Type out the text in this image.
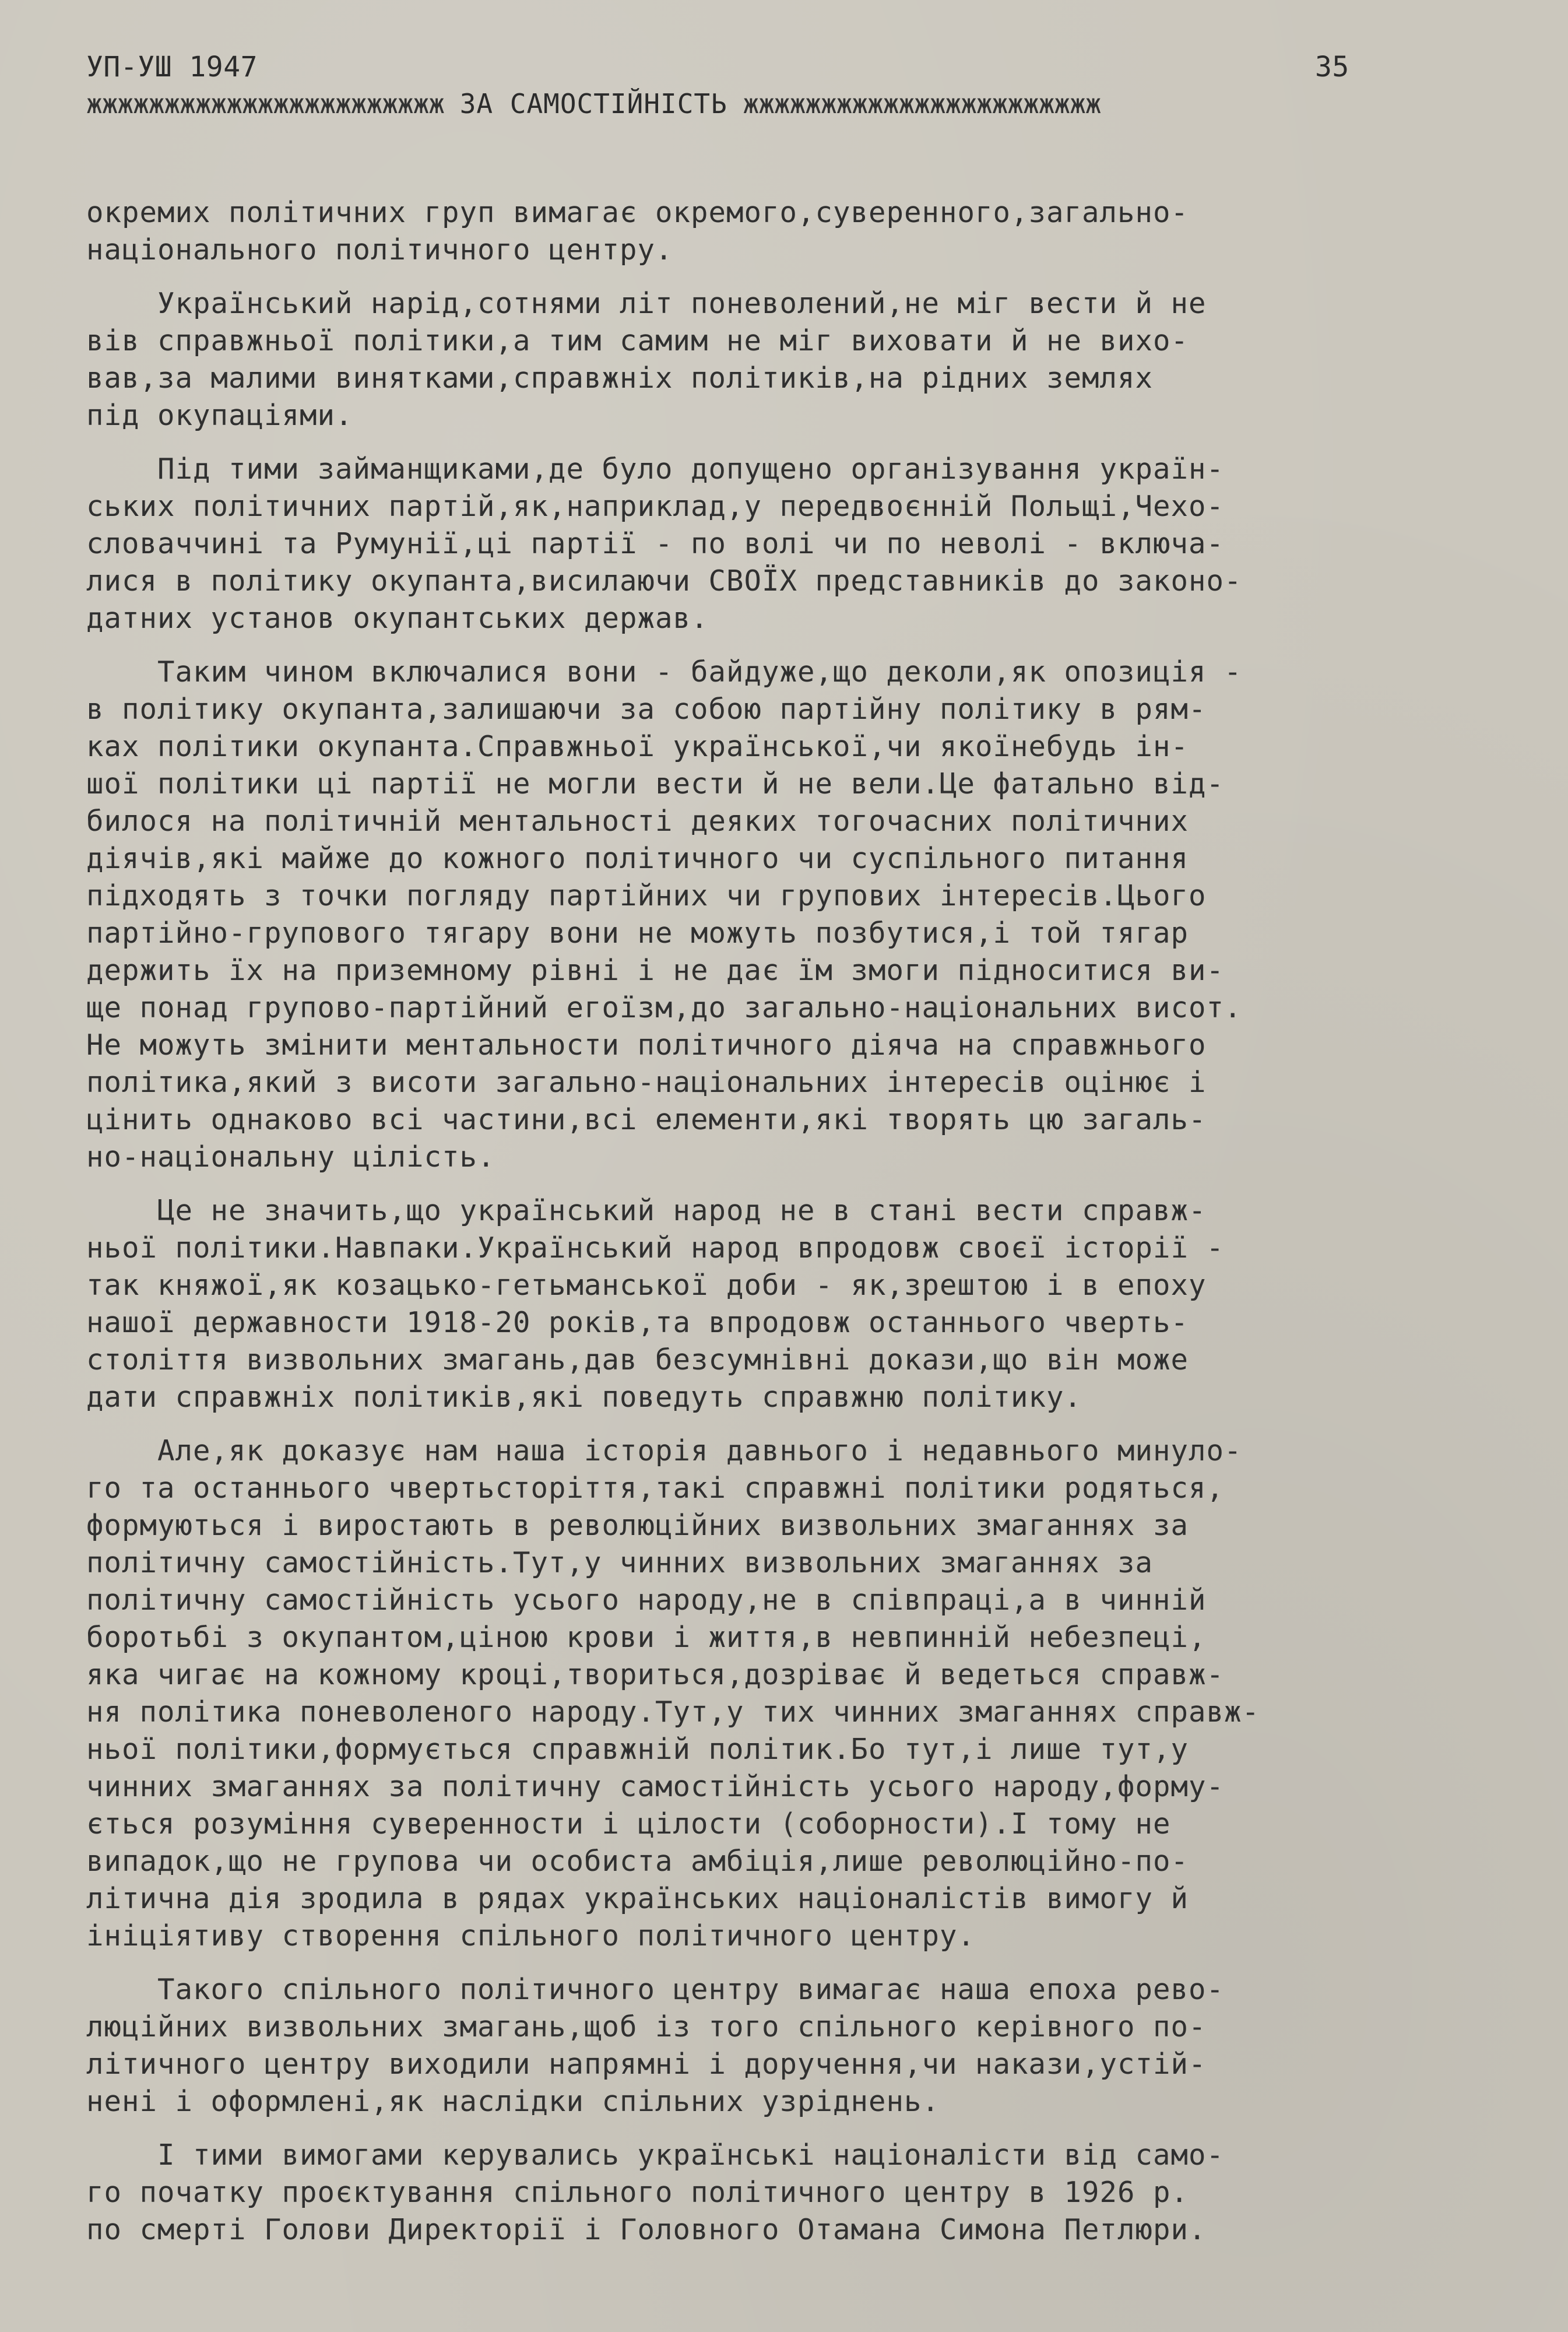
УП-УШ 1947	35
жжжжжжжжжжжжжжжжжжжжжжж ЗА САМОСТІЙНІСТЬ жжжжжжжжжжжжжжжжжжжжжжж
окремих політичних груп вимагає окремого,суверенного,загально-
національного політичного центру.
Український нарід,сотнями літ поневолений,не міг вести й не
вів справжньої політики,а тим самим не міг виховати й не вихо-
вав,за малими винятками,справжніх політиків,на рідних землях
під окупаціями.
Під тими займанщиками,де було допущено організування україн-
ських політичних партій,як,наприклад,у передвоєнній Польщі,Чехо-
словаччині та Румунії,ці партії - по волі чи по неволі - включа-
лися в політику окупанта,висилаючи СВОЇХ представників до законо-
датних установ окупантських держав.
Таким чином включалися вони - байдуже,що деколи,як опозиція -
в політику окупанта,залишаючи за собою партійну політику в рям-
ках політики окупанта.Справжньої української,чи якоїнебудь ін-
шої політики ці партії не могли вести й не вели.Це фатально від-
билося на політичній ментальності деяких тогочасних політичних
діячів,які майже до кожного політичного чи суспільного питання
підходять з точки погляду партійних чи групових інтересів.Цього
партійно-групового тягару вони не можуть позбутися,і той тягар
держить їх на приземному рівні і не дає їм змоги підноситися ви-
ще понад групово-партійний егоїзм,до загально-національних висот.
Не можуть змінити ментальности політичного діяча на справжнього
політика,який з висоти загально-національних інтересів оцінює і
цінить однаково всі частини,всі елементи,які творять цю загаль-
но-національну цілість.
Це не значить,що український народ не в стані вести справж-
ньої політики.Навпаки.Український народ впродовж своєї історії -
так княжої,як козацько-гетьманської доби - як,зрештою і в епоху
нашої державности 1918-20 років,та впродовж останнього чверть-
століття визвольних змагань,дав безсумнівні докази,що він може
дати справжніх політиків,які поведуть справжню політику.
Але,як доказує нам наша історія давнього і недавнього минуло-
го та останнього чвертьсторіття,такі справжні політики родяться,
формуються і виростають в революційних визвольних змаганнях за
політичну самостійність.Тут,у чинних визвольних змаганнях за
політичну самостійність усього народу,не в співпраці,а в чинній
боротьбі з окупантом,ціною крови і життя,в невпинній небезпеці,
яка чигає на кожному кроці,твориться,дозріває й ведеться справж-
ня політика поневоленого народу.Тут,у тих чинних змаганнях справж-
ньої політики,формується справжній політик.Бо тут,і лише тут,у
чинних змаганнях за політичну самостійність усього народу,форму-
ється розуміння суверенности і цілости (соборности).І тому не
випадок,що не групова чи особиста амбіція,лише революційно-по-
літична дія зродила в рядах українських націоналістів вимогу й
ініціятиву створення спільного політичного центру.
Такого спільного політичного центру вимагає наша епоха рево-
люційних визвольних змагань,щоб із того спільного керівного по-
літичного центру виходили напрямні і доручення,чи накази,устій-
нені і оформлені,як наслідки спільних узріднень.
І тими вимогами керувались українські націоналісти від само-
го початку проєктування спільного політичного центру в 1926 р.
по смерті Голови Директорії і Головного Отамана Симона Петлюри.
